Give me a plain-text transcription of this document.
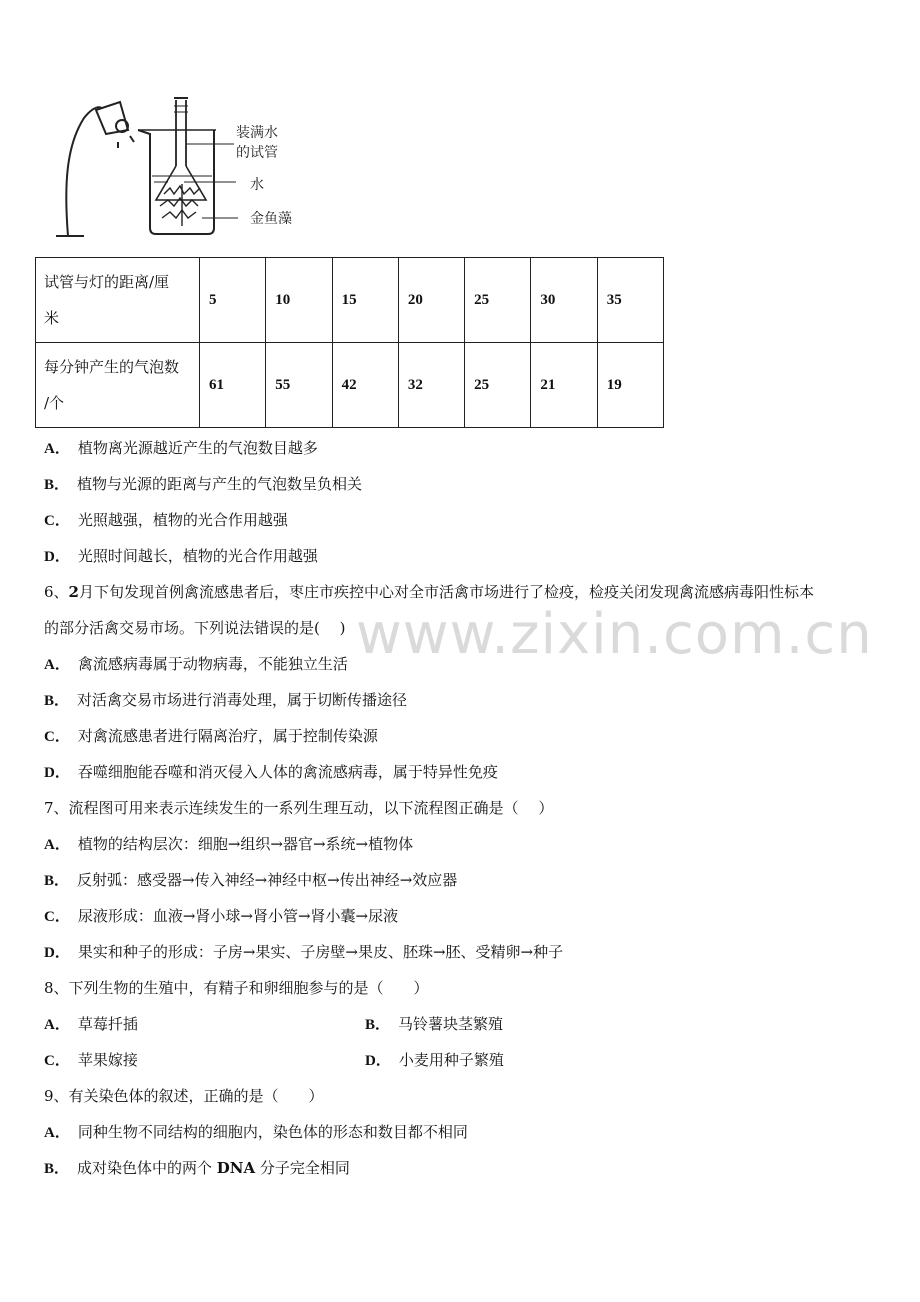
装满水
的试管
水
金鱼藻
试管与灯的距离/厘
米	5	10	15	20	25	30	35
每分钟产生的气泡数
/个	61	55	42	32	25	21	19
A． 植物离光源越近产生的气泡数目越多
B． 植物与光源的距离与产生的气泡数呈负相关
C． 光照越强，植物的光合作用越强
D． 光照时间越长，植物的光合作用越强
6、2月下旬发现首例禽流感患者后，枣庄市疾控中心对全市活禽市场进行了检疫，检疫关闭发现禽流感病毒阳性标本
的部分活禽交易市场。下列说法错误的是(　 ) www.zixin.com.cn
A． 禽流感病毒属于动物病毒，不能独立生活
B． 对活禽交易市场进行消毒处理，属于切断传播途径
C． 对禽流感患者进行隔离治疗，属于控制传染源
D． 吞噬细胞能吞噬和消灭侵入人体的禽流感病毒，属于特异性免疫
7、流程图可用来表示连续发生的一系列生理互动，以下流程图正确是（　 ）
A． 植物的结构层次：细胞→组织→器官→系统→植物体
B． 反射弧：感受器→传入神经→神经中枢→传出神经→效应器
C． 尿液形成：血液→肾小球→肾小管→肾小囊→尿液
D． 果实和种子的形成：子房→果实、子房壁→果皮、胚珠→胚、受精卵→种子
8、下列生物的生殖中，有精子和卵细胞参与的是（　　）
A． 草莓扦插	B． 马铃薯块茎繁殖
C． 苹果嫁接	D． 小麦用种子繁殖
9、有关染色体的叙述，正确的是（　　）
A． 同种生物不同结构的细胞内，染色体的形态和数目都不相同
B． 成对染色体中的两个 DNA 分子完全相同
